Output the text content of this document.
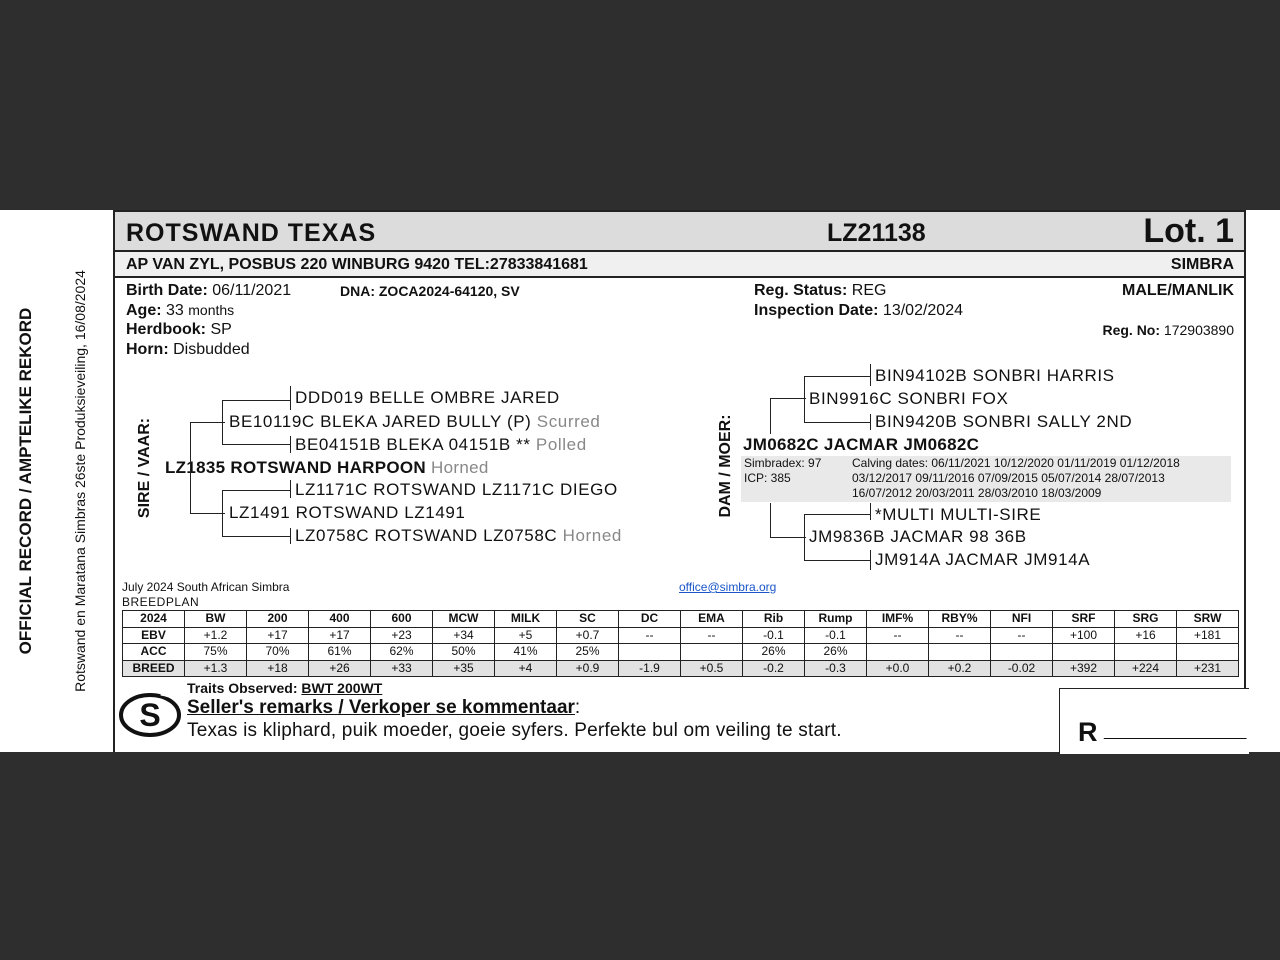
OFFICIAL RECORD / AMPTELIKE REKORD	Rotswand en Maratana Simbras 26ste Produksieveiling, 16/08/2024
ROTSWAND TEXAS	LZ21138	Lot. 1
AP VAN ZYL, POSBUS 220 WINBURG 9420 TEL:27833841681	SIMBRA
Birth Date: 06/11/2021	DNA: ZOCA2024-64120, SV
Age: 33 months
Herdbook: SP
Horn: Disbudded
Reg. Status: REG	MALE/MANLIK
Inspection Date: 13/02/2024
Reg. No: 172903890
SIRE / VAAR:
DDD019 BELLE OMBRE JARED
BE10119C BLEKA JARED BULLY (P) Scurred
BE04151B BLEKA 04151B ** Polled
LZ1835 ROTSWAND HARPOON Horned
LZ1171C ROTSWAND LZ1171C DIEGO
LZ1491 ROTSWAND LZ1491
LZ0758C ROTSWAND LZ0758C Horned
DAM / MOER:
BIN94102B SONBRI HARRIS
BIN9916C SONBRI FOX
BIN9420B SONBRI SALLY 2ND
JM0682C JACMAR JM0682C
Simbradex: 97
ICP: 385
Calving dates: 06/11/2021 10/12/2020 01/11/2019 01/12/2018
03/12/2017 09/11/2016 07/09/2015 05/07/2014 28/07/2013
16/07/2012 20/03/2011 28/03/2010 18/03/2009
*MULTI MULTI-SIRE
JM9836B JACMAR 98 36B
JM914A JACMAR JM914A
July 2024 South African Simbra
BREEDPLAN
office@simbra.org
2024	BW	200	400	600	MCW	MILK	SC	DC	EMA	Rib	Rump	IMF%	RBY%	NFI	SRF	SRG	SRW
EBV	+1.2	+17	+17	+23	+34	+5	+0.7	--	--	-0.1	-0.1	--	--	--	+100	+16	+181
ACC	75%	70%	61%	62%	50%	41%	25%			26%	26%						
BREED	+1.3	+18	+26	+33	+35	+4	+0.9	-1.9	+0.5	-0.2	-0.3	+0.0	+0.2	-0.02	+392	+224	+231
S
Traits Observed: BWT 200WT
Seller's remarks / Verkoper se kommentaar:
Texas is kliphard, puik moeder, goeie syfers. Perfekte bul om veiling te start.	R ________________
